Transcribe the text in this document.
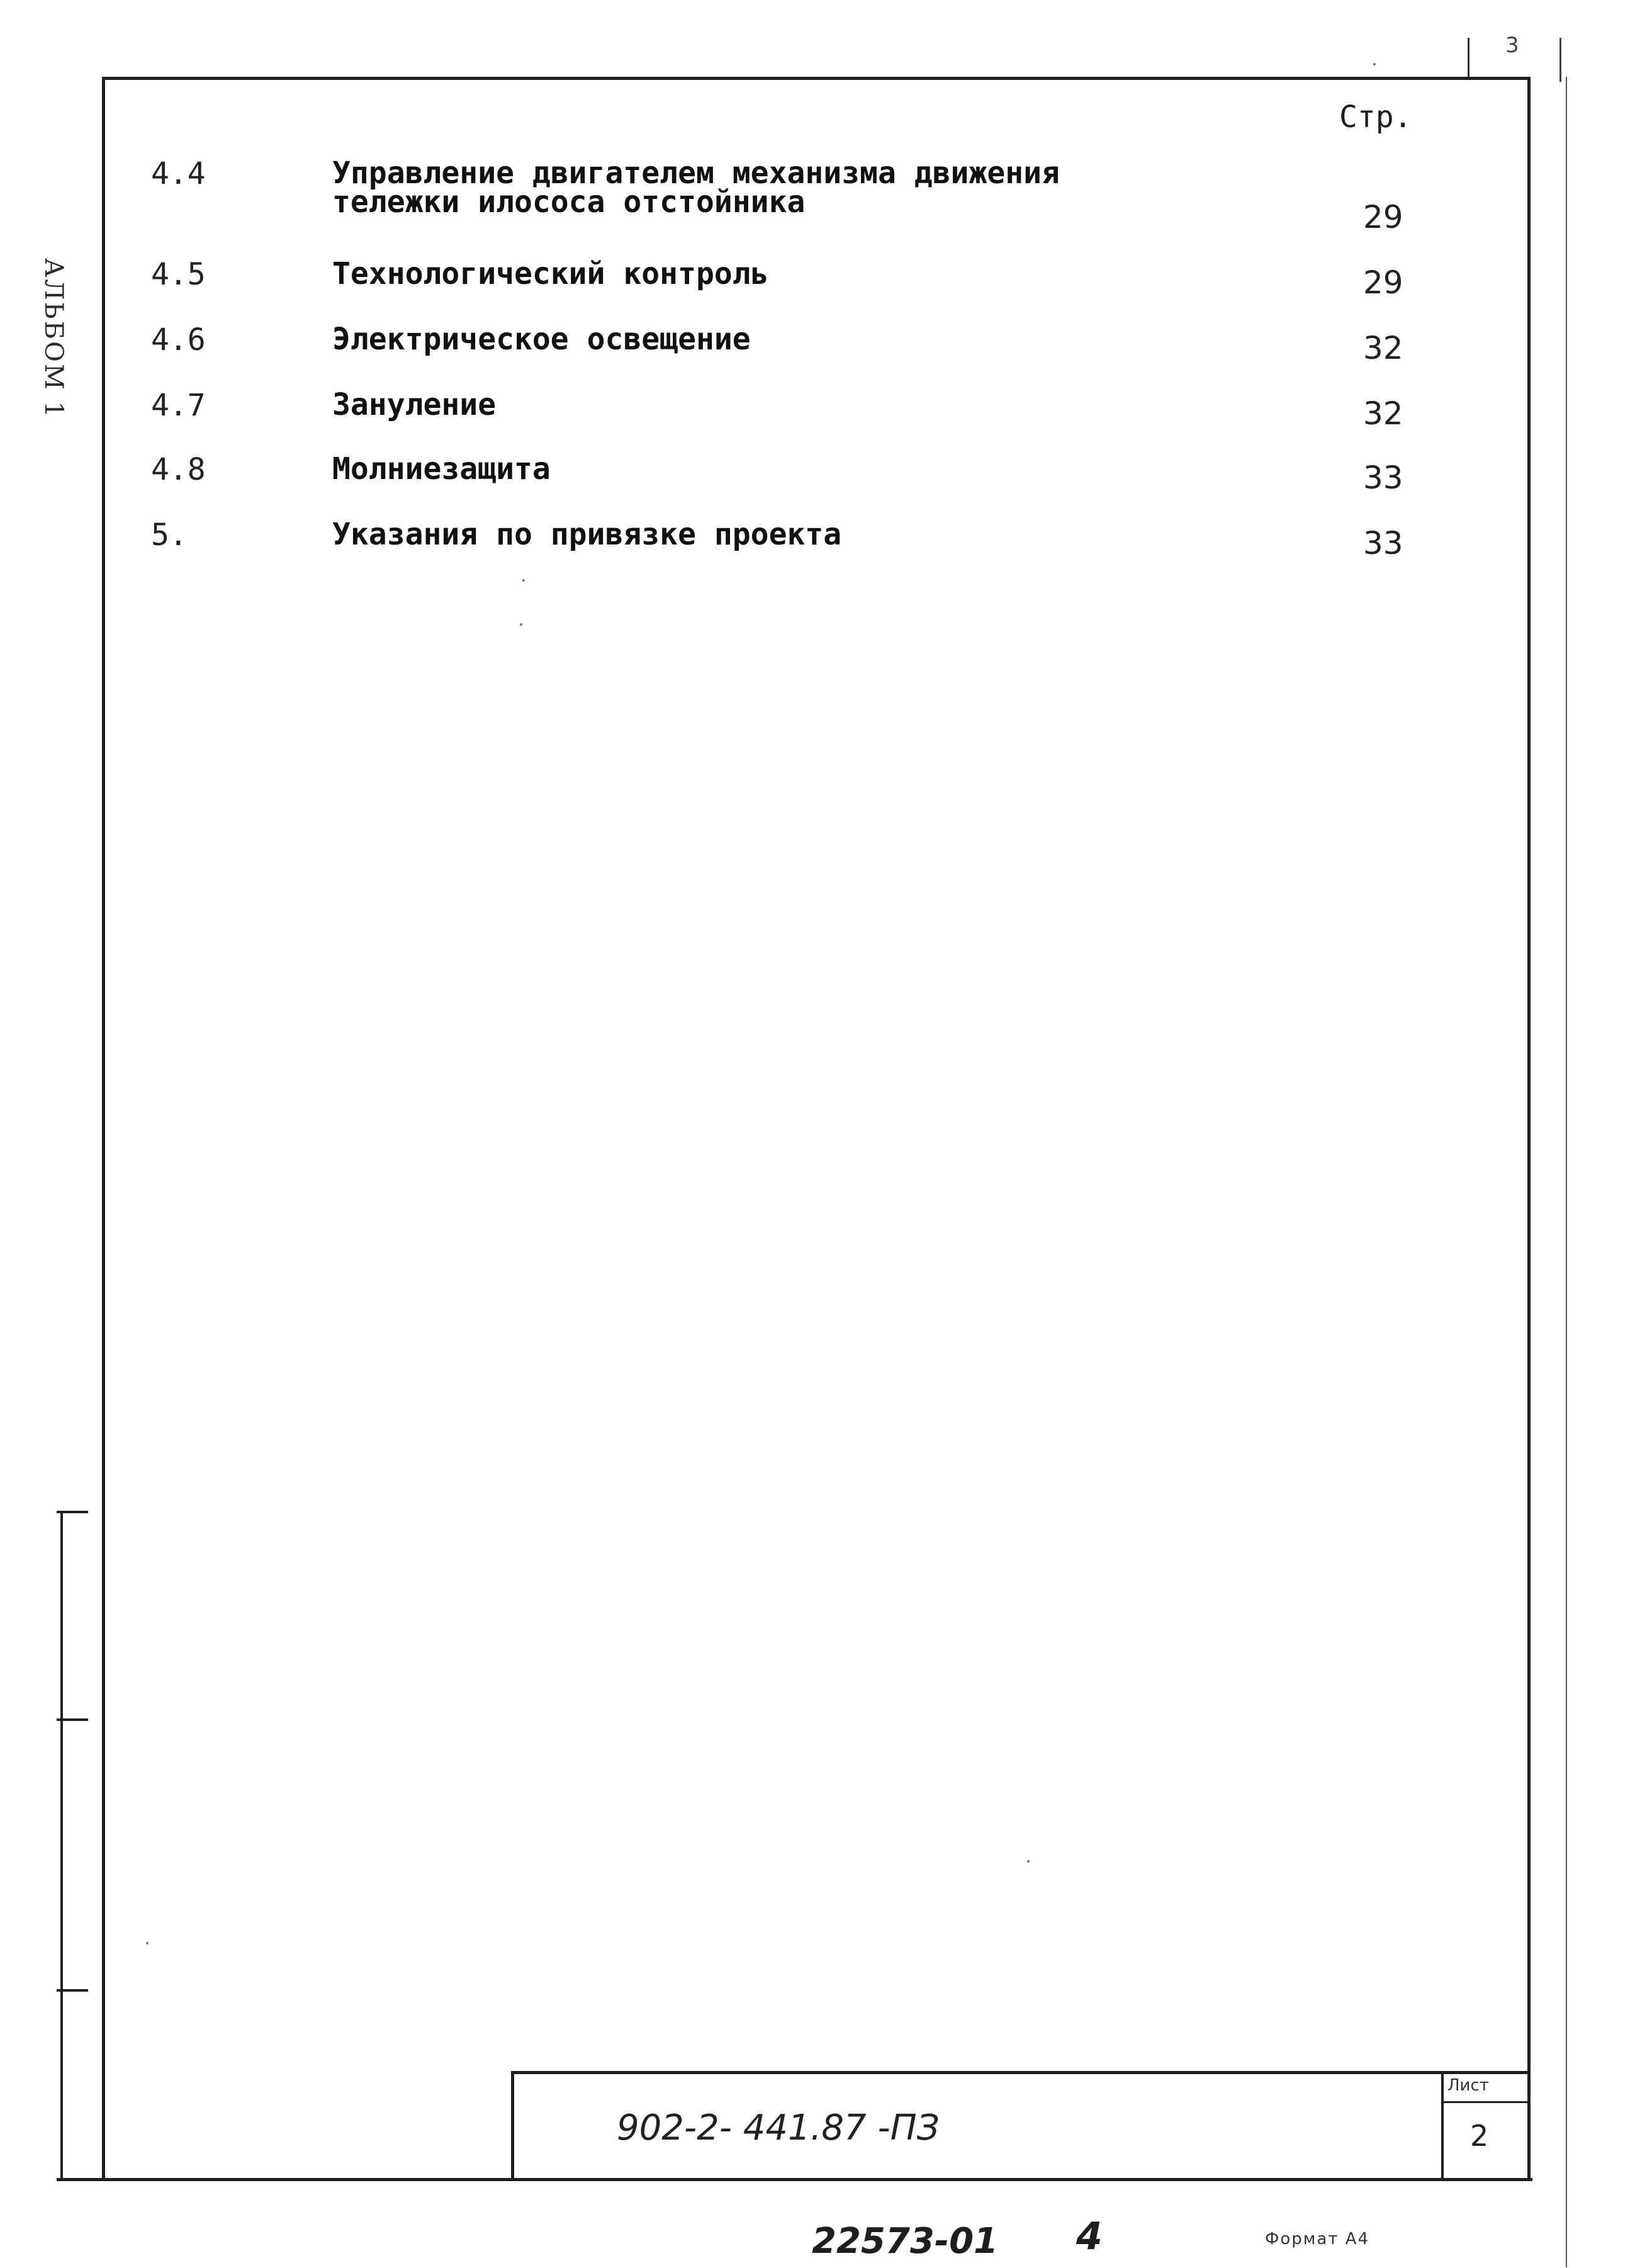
3
АЛЬБОМ 1
Стр.
4.4	Управление двигателем механизма движения
тележки илососа отстойника	29
4.5	Технологический контроль	29
4.6	Электрическое освещение	32
4.7	Зануление	32
4.8	Молниезащита	33
5.	Указания по привязке проекта	33
Лист
2
902-2- 441.87 -ПЗ
22573-01 4	Формат А4
